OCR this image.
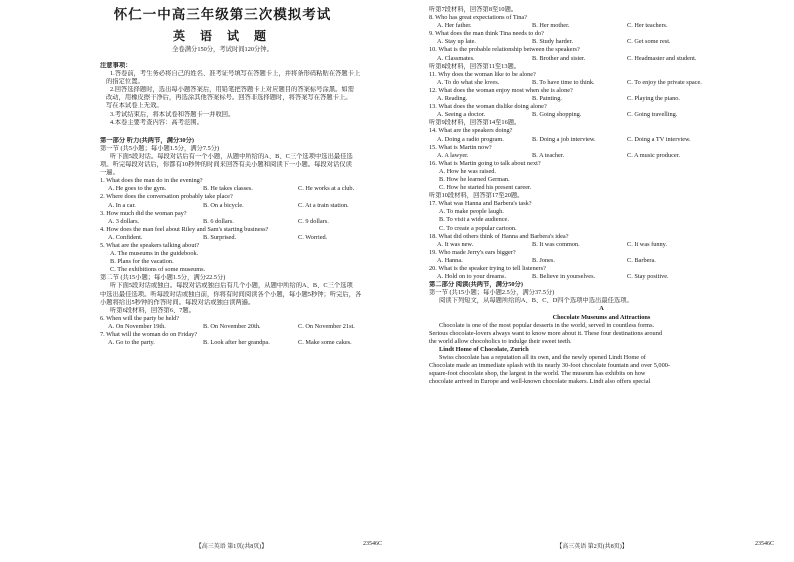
怀仁一中高三年级第三次模拟考试
英 语 试 题
全卷满分150分，考试时间120分钟。
注意事项：
1.答卷前，考生务必将自己的姓名、准考证号填写在答题卡上，并将条形码粘贴在答题卡上
的指定位置。
2.回答选择题时，选出每小题答案后，用铅笔把答题卡上对应题目的答案标号涂黑。如需
改动，用橡皮擦干净后，再选涂其他答案标号。回答非选择题时，将答案写在答题卡上。
写在本试卷上无效。
3.考试结束后，将本试卷和答题卡一并收回。
4.本卷主要考查内容：高考范围。
第一部分 听力(共两节，满分30分)
第一节 (共5小题；每小题1.5分，满分7.5分)
听下面5段对话。每段对话后有一个小题，从题中所给的A、B、C三个选项中选出最佳选
项。听完每段对话后，你都有10秒钟的时间来回答有关小题和阅读下一小题。每段对话仅读
一遍。
1. What does the man do in the evening?
A. He goes to the gym.	B. He takes classes.	C. He works at a club.
2. Where does the conversation probably take place?
A. In a car.	B. On a bicycle.	C. At a train station.
3. How much did the woman pay?
A. 3 dollars.	B. 6 dollars.	C. 9 dollars.
4. How does the man feel about Riley and Sam's starting business?
A. Confident.	B. Surprised.	C. Worried.
5. What are the speakers talking about?
A. The museums in the guidebook.
B. Plans for the vacation.
C. The exhibitions of some museums.
第二节 (共15小题；每小题1.5分，满分22.5分)
听下面5段对话或独白。每段对话或独白后有几个小题，从题中所给的A、B、C三个选项
中选出最佳选项。听每段对话或独白前，你将有时间阅读各个小题，每小题5秒钟；听完后，各
小题将给出5秒钟的作答时间。每段对话或独白读两遍。
听第6段材料，回答第6、7题。
6. When will the party be held?
A. On November 19th.	B. On November 20th.	C. On November 21st.
7. What will the woman do on Friday?
A. Go to the party.	B. Look after her grandpa.	C. Make some cakes.
【高三英语 第1页(共8页)】	23546C
听第7段材料，回答第8至10题。
8. Who has great expectations of Tina?
A. Her father.	B. Her mother.	C. Her teachers.
9. What does the man think Tina needs to do?
A. Stay up late.	B. Study harder.	C. Get some rest.
10. What is the probable relationship between the speakers?
A. Classmates.	B. Brother and sister.	C. Headmaster and student.
听第8段材料，回答第11至13题。
11. Why does the woman like to be alone?
A. To do what she loves.	B. To have time to think.	C. To enjoy the private space.
12. What does the woman enjoy most when she is alone?
A. Reading.	B. Painting.	C. Playing the piano.
13. What does the woman dislike doing alone?
A. Seeing a doctor.	B. Going shopping.	C. Going travelling.
听第9段材料，回答第14至16题。
14. What are the speakers doing?
A. Doing a radio program.	B. Doing a job interview.	C. Doing a TV interview.
15. What is Martin now?
A. A lawyer.	B. A teacher.	C. A music producer.
16. What is Martin going to talk about next?
A. How he was raised.
B. How he learned German.
C. How he started his present career.
听第10段材料，回答第17至20题。
17. What was Hanna and Barbera's task?
A. To make people laugh.
B. To visit a wide audience.
C. To create a popular cartoon.
18. What did others think of Hanna and Barbera's idea?
A. It was new.	B. It was common.	C. It was funny.
19. Who made Jerry's ears bigger?
A. Hanna.	B. Jones.	C. Barbera.
20. What is the speaker trying to tell listeners?
A. Hold on to your dreams.	B. Believe in yourselves.	C. Stay positive.
第二部分 阅读(共两节，满分50分)
第一节 (共15小题；每小题2.5分，满分37.5分)
阅读下列短文，从每题所给的A、B、C、D四个选项中选出最佳选项。
A
Chocolate Museums and Attractions
Chocolate is one of the most popular desserts in the world, served in countless forms.
Serious chocolate-lovers always want to know more about it. These four destinations around
the world allow chocoholics to indulge their sweet teeth.
Lindt Home of Chocolate, Zurich
Swiss chocolate has a reputation all its own, and the newly opened Lindt Home of
Chocolate made an immediate splash with its nearly 30-foot chocolate fountain and over 5,000-
square-foot chocolate shop, the largest in the world. The museum has exhibits on how
chocolate arrived in Europe and well-known chocolate makers. Lindt also offers special
【高三英语 第2页(共8页)】	23546C
